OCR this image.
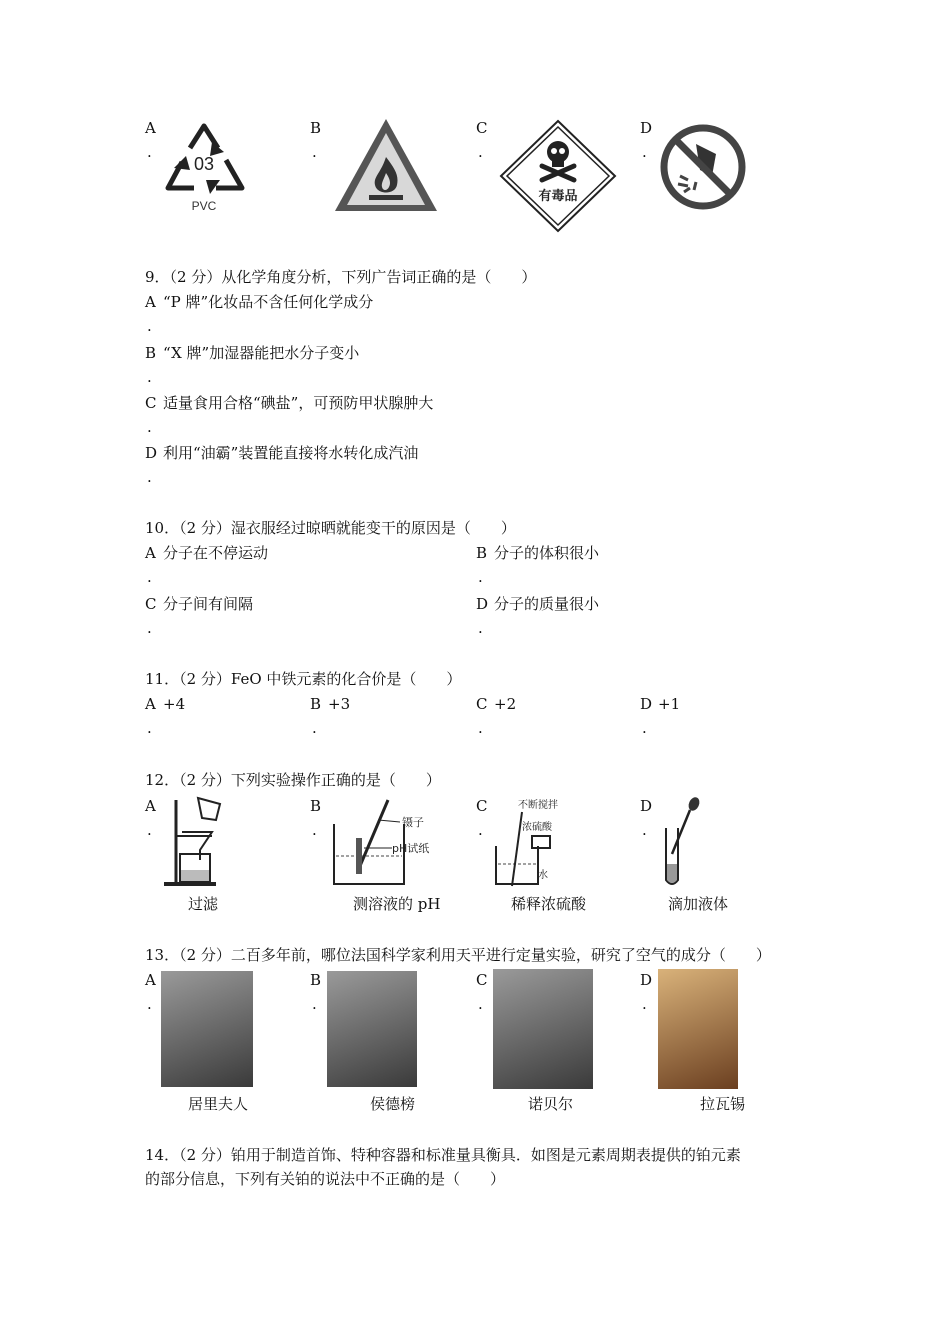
A
.
03
PVC
B
.
C
.
有毒品
D
.
9．（2 分）从化学角度分析，下列广告词正确的是（　　）
A “P 牌”化妆品不含任何化学成分
.
B “X 牌”加湿器能把水分子变小
.
C 适量食用合格“碘盐”，可预防甲状腺肿大
.
D 利用“油霸”装置能直接将水转化成汽油
.
10．（2 分）湿衣服经过晾晒就能变干的原因是（　　）
A 分子在不停运动
.
B 分子的体积很小
.
C 分子间有间隔
.
D 分子的质量很小
.
11．（2 分）FeO 中铁元素的化合价是（　　）
A +4
.
B +3
.
C +2
.
D +1
.
12．（2 分）下列实验操作正确的是（　　）
A
.
过滤
B
.	镊子
pH试纸
测溶液的 pH
C
.
不断搅拌
浓硫酸
水
稀释浓硫酸
D
.
滴加液体
13．（2 分）二百多年前，哪位法国科学家利用天平进行定量实验，研究了空气的成分（　　）
A
.
居里夫人
B
.
侯德榜
C
.
诺贝尔
D
.
拉瓦锡
14．（2 分）铂用于制造首饰、特种容器和标准量具衡具．如图是元素周期表提供的铂元素
的部分信息，下列有关铂的说法中不正确的是（　　）
